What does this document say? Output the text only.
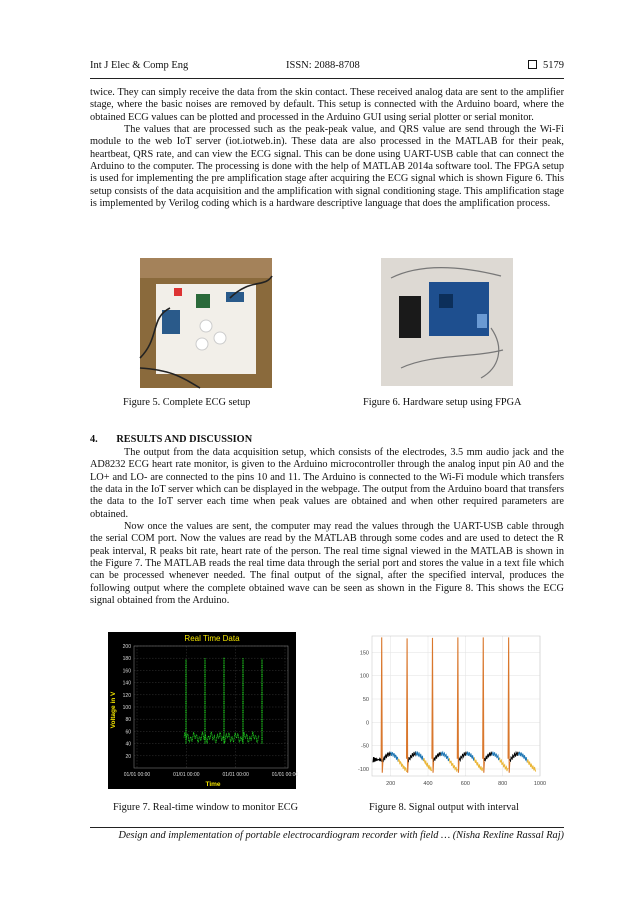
Int J Elec & Comp Eng	ISSN: 2088-8708	5179

twice. They can simply receive the data from the skin contact. These received analog data are sent to the amplifier stage, where the basic noises are removed by default. This setup is connected with the Arduino board, where the obtained ECG values can be plotted and processed in the Arduino GUI using serial plotter or serial monitor.

The values that are processed such as the peak-peak value, and QRS value are send through the Wi-Fi module to the web IoT server (iot.iotweb.in). These data are also processed in the MATLAB for their peak, heartbeat, QRS rate, and can view the ECG signal. This can be done using UART-USB cable that can connect the Arduino to the computer. The processing is done with the help of MATLAB 2014a software tool. The FPGA setup is used for implementing the pre amplification stage after acquiring the ECG signal which is shown Figure 6. This setup consists of the data acquisition and the amplification with signal conditioning stage. This amplification stage is implemented by Verilog coding which is a hardware descriptive language that does the amplification process.

Figure 5. Complete ECG setup	Figure 6. Hardware setup using FPGA
4. RESULTS AND DISCUSSION

The output from the data acquisition setup, which consists of the electrodes, 3.5 mm audio jack and the AD8232 ECG heart rate monitor, is given to the Arduino microcontroller through the analog input pin A0 and the LO+ and LO- are connected to the pins 10 and 11. The Arduino is connected to the Wi-Fi module which transfers the data in the IoT server which can be displayed in the webpage. The output from the Arduino board that transfers the data to the IoT server each time when peak values are obtained and when other required parameters are obtained.

Now once the values are sent, the computer may read the values through the UART-USB cable through the serial COM port. Now the values are read by the MATLAB through some codes and are used to detect the R peak interval, R peaks bit rate, heart rate of the person. The real time signal viewed in the MATLAB is shown in the Figure 7. The MATLAB reads the real time data through the serial port and stores the value in a text file which can be processed whenever needed. The final output of the signal, after the specified interval, produces the following output where the complete obtained wave can be seen as shown in the Figure 8. This shows the ECG signal obtained from the Arduino.

Real Time Data
Voltage in V
Time
200
180
160
140
120
100
80
60
40
20
01/01 00:00	01/01 00:00	01/01 00:00	01/01 00:00
150
100
50
0
-50
-100
200	400	600	800	1000
Figure 7. Real-time window to monitor ECG	Figure 8. Signal output with interval
Design and implementation of portable electrocardiogram recorder with field … (Nisha Rexline Rassal Raj)
